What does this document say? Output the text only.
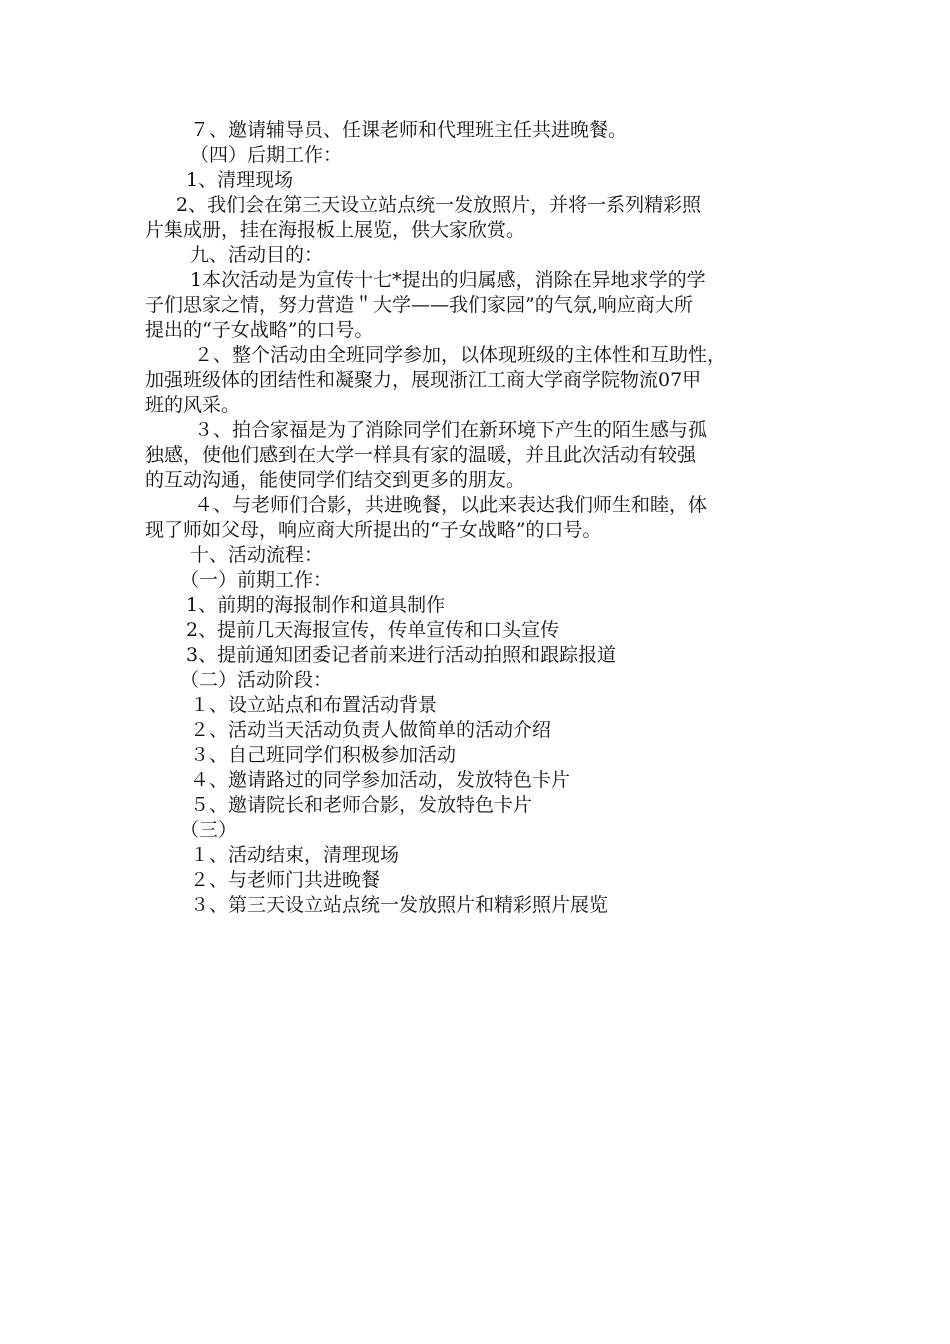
７、邀请辅导员、任课老师和代理班主任共进晚餐。
（四）后期工作：
1、清理现场
2、我们会在第三天设立站点统一发放照片，并将一系列精彩照
片集成册，挂在海报板上展览，供大家欣赏。
九、活动目的：
1本次活动是为宣传十七*提出的归属感，消除在异地求学的学
子们思家之情，努力营造＂大学——我们家园”的气氛,响应商大所
提出的“子女战略”的口号。
２、整个活动由全班同学参加，以体现班级的主体性和互助性，
加强班级体的团结性和凝聚力，展现浙江工商大学商学院物流07甲
班的风采。
３、拍合家福是为了消除同学们在新环境下产生的陌生感与孤
独感，使他们感到在大学一样具有家的温暖，并且此次活动有较强
的互动沟通，能使同学们结交到更多的朋友。
４、与老师们合影，共进晚餐，以此来表达我们师生和睦，体
现了师如父母，响应商大所提出的“子女战略”的口号。
十、活动流程：
（一）前期工作：
1、前期的海报制作和道具制作
2、提前几天海报宣传，传单宣传和口头宣传
3、提前通知团委记者前来进行活动拍照和跟踪报道
（二）活动阶段：
１、设立站点和布置活动背景
２、活动当天活动负责人做简单的活动介绍
３、自己班同学们积极参加活动
４、邀请路过的同学参加活动，发放特色卡片
５、邀请院长和老师合影，发放特色卡片
（三）
１、活动结束，清理现场
２、与老师门共进晚餐
３、第三天设立站点统一发放照片和精彩照片展览
